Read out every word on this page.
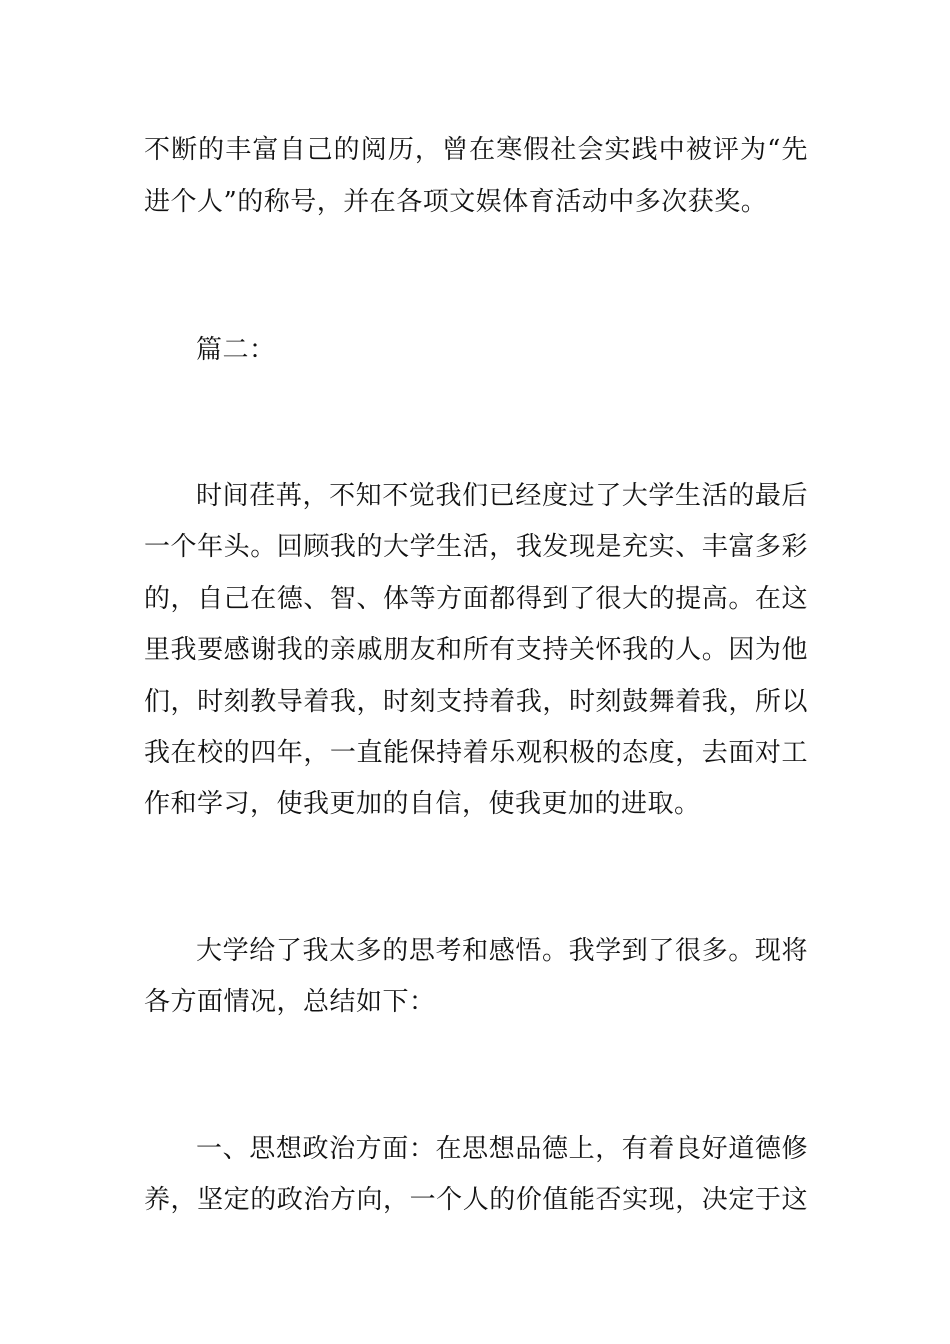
不断的丰富自己的阅历，曾在寒假社会实践中被评为“先
进个人”的称号，并在各项文娱体育活动中多次获奖。
篇二：
时间荏苒，不知不觉我们已经度过了大学生活的最后
一个年头。回顾我的大学生活，我发现是充实、丰富多彩
的，自己在德、智、体等方面都得到了很大的提高。在这
里我要感谢我的亲戚朋友和所有支持关怀我的人。因为他
们，时刻教导着我，时刻支持着我，时刻鼓舞着我，所以
我在校的四年，一直能保持着乐观积极的态度，去面对工
作和学习，使我更加的自信，使我更加的进取。
大学给了我太多的思考和感悟。我学到了很多。现将
各方面情况，总结如下：
一、思想政治方面：在思想品德上，有着良好道德修
养，坚定的政治方向，一个人的价值能否实现，决定于这
